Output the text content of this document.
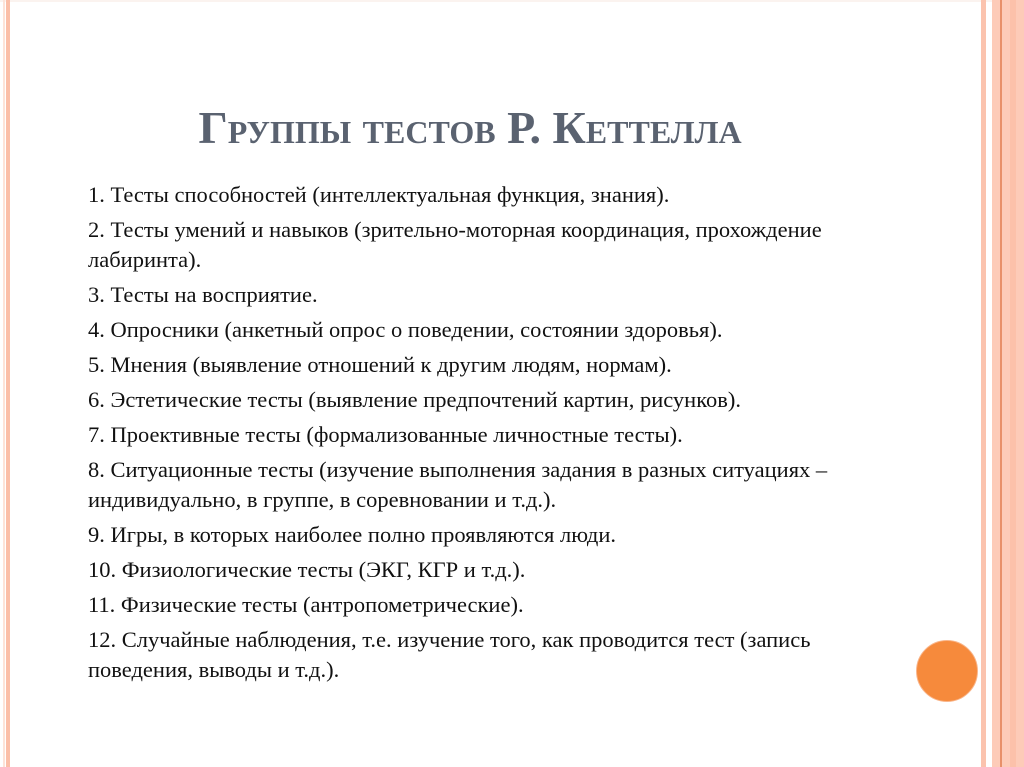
Группы тестов Р. Кеттелла
1. Тесты способностей (интеллектуальная функция, знания).
2. Тесты умений и навыков (зрительно-моторная координация, прохождение лабиринта).
3. Тесты на восприятие.
4. Опросники (анкетный опрос о поведении, состоянии здоровья).
5. Мнения (выявление отношений к другим людям, нормам).
6. Эстетические тесты (выявление предпочтений картин, рисунков).
7. Проективные тесты (формализованные личностные тесты).
8. Ситуационные тесты (изучение выполнения задания в разных ситуациях – индивидуально, в группе, в соревновании и т.д.).
9. Игры, в которых наиболее полно проявляются люди.
10. Физиологические тесты (ЭКГ, КГР и т.д.).
11. Физические тесты (антропометрические).
12. Случайные наблюдения, т.е. изучение того, как проводится тест (запись поведения, выводы и т.д.).
